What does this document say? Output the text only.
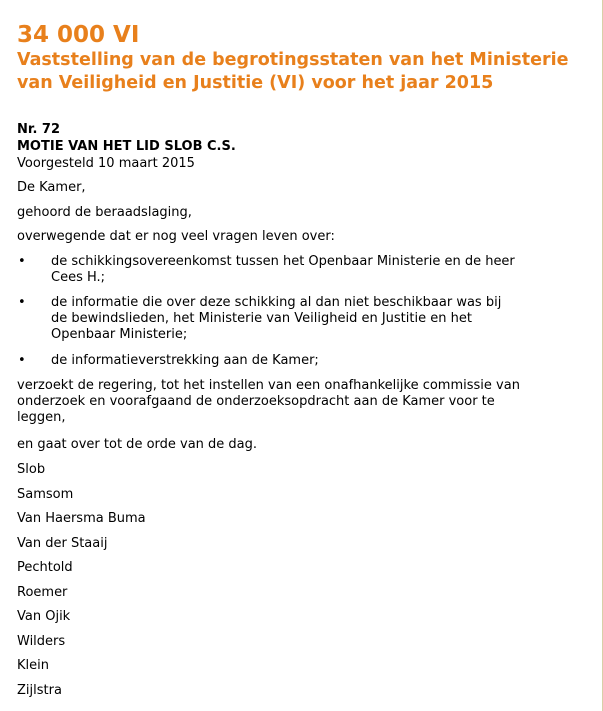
34 000 VI
Vaststelling van de begrotingsstaten van het Ministerie
van Veiligheid en Justitie (VI) voor het jaar 2015

Nr. 72

MOTIE VAN HET LID SLOB C.S.

Voorgesteld 10 maart 2015

De Kamer,

gehoord de beraadslaging,

overwegende dat er nog veel vragen leven over:

• de schikkingsovereenkomst tussen het Openbaar Ministerie en de heer
Cees H.;
• de informatie die over deze schikking al dan niet beschikbaar was bij
de bewindslieden, het Ministerie van Veiligheid en Justitie en het
Openbaar Ministerie;
• de informatieverstrekking aan de Kamer;
verzoekt de regering, tot het instellen van een onafhankelijke commissie van
onderzoek en voorafgaand de onderzoeksopdracht aan de Kamer voor te
leggen,

en gaat over tot de orde van de dag.

Slob

Samsom

Van Haersma Buma

Van der Staaij

Pechtold

Roemer

Van Ojik

Wilders

Klein

Zijlstra
